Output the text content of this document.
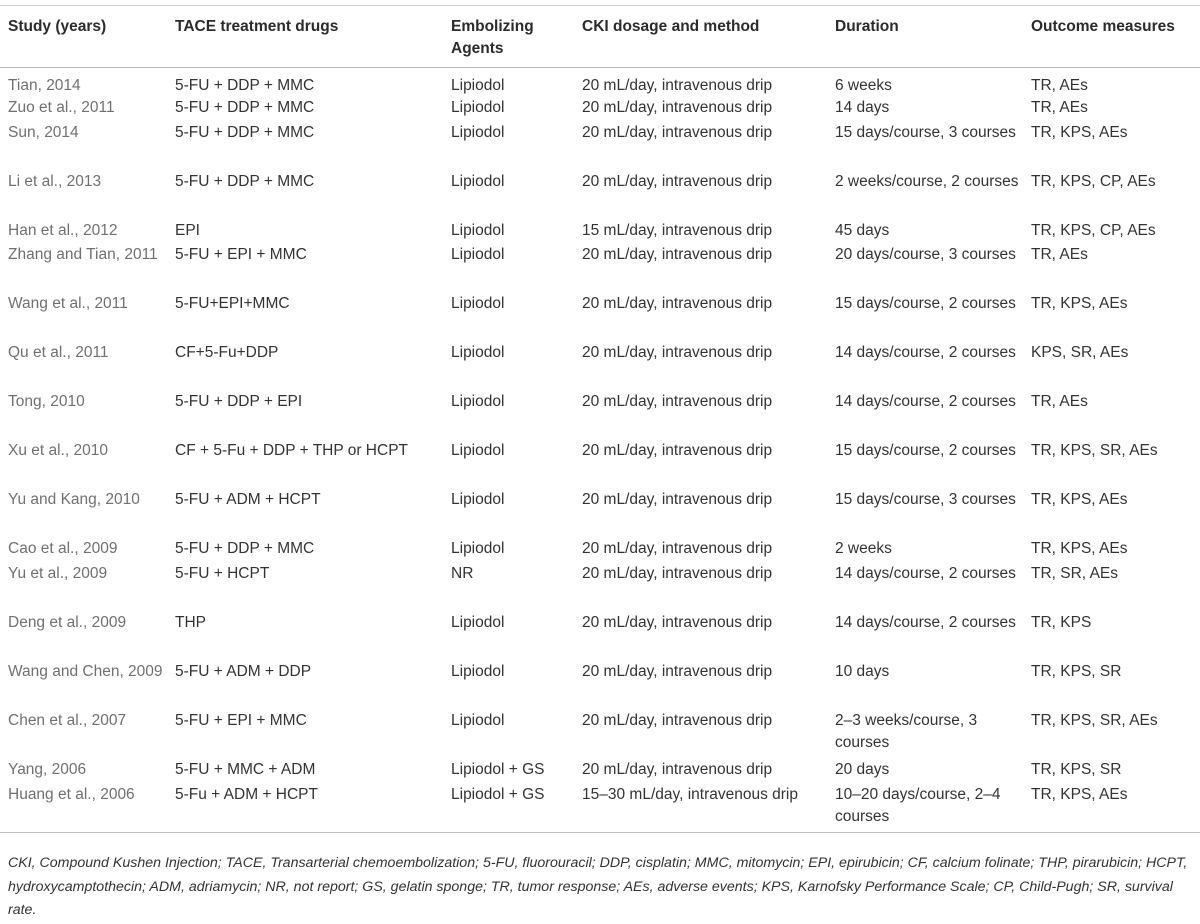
Study (years)	TACE treatment drugs	Embolizing Agents	CKI dosage and method	Duration	Outcome measures
Tian, 2014	5-FU + DDP + MMC	Lipiodol	20 mL/day, intravenous drip	6 weeks	TR, AEs
Zuo et al., 2011	5-FU + DDP + MMC	Lipiodol	20 mL/day, intravenous drip	14 days	TR, AEs
Sun, 2014	5-FU + DDP + MMC	Lipiodol	20 mL/day, intravenous drip	15 days/course, 3 courses	TR, KPS, AEs
Li et al., 2013	5-FU + DDP + MMC	Lipiodol	20 mL/day, intravenous drip	2 weeks/course, 2 courses	TR, KPS, CP, AEs
Han et al., 2012	EPI	Lipiodol	15 mL/day, intravenous drip	45 days	TR, KPS, CP, AEs
Zhang and Tian, 2011	5-FU + EPI + MMC	Lipiodol	20 mL/day, intravenous drip	20 days/course, 3 courses	TR, AEs
Wang et al., 2011	5-FU+EPI+MMC	Lipiodol	20 mL/day, intravenous drip	15 days/course, 2 courses	TR, KPS, AEs
Qu et al., 2011	CF+5-Fu+DDP	Lipiodol	20 mL/day, intravenous drip	14 days/course, 2 courses	KPS, SR, AEs
Tong, 2010	5-FU + DDP + EPI	Lipiodol	20 mL/day, intravenous drip	14 days/course, 2 courses	TR, AEs
Xu et al., 2010	CF + 5-Fu + DDP + THP or HCPT	Lipiodol	20 mL/day, intravenous drip	15 days/course, 2 courses	TR, KPS, SR, AEs
Yu and Kang, 2010	5-FU + ADM + HCPT	Lipiodol	20 mL/day, intravenous drip	15 days/course, 3 courses	TR, KPS, AEs
Cao et al., 2009	5-FU + DDP + MMC	Lipiodol	20 mL/day, intravenous drip	2 weeks	TR, KPS, AEs
Yu et al., 2009	5-FU + HCPT	NR	20 mL/day, intravenous drip	14 days/course, 2 courses	TR, SR, AEs
Deng et al., 2009	THP	Lipiodol	20 mL/day, intravenous drip	14 days/course, 2 courses	TR, KPS
Wang and Chen, 2009	5-FU + ADM + DDP	Lipiodol	20 mL/day, intravenous drip	10 days	TR, KPS, SR
Chen et al., 2007	5-FU + EPI + MMC	Lipiodol	20 mL/day, intravenous drip	2–3 weeks/course, 3 courses	TR, KPS, SR, AEs
Yang, 2006	5-FU + MMC + ADM	Lipiodol + GS	20 mL/day, intravenous drip	20 days	TR, KPS, SR
Huang et al., 2006	5-Fu + ADM + HCPT	Lipiodol + GS	15–30 mL/day, intravenous drip	10–20 days/course, 2–4 courses	TR, KPS, AEs
CKI, Compound Kushen Injection; TACE, Transarterial chemoembolization; 5-FU, fluorouracil; DDP, cisplatin; MMC, mitomycin; EPI, epirubicin; CF, calcium folinate; THP, pirarubicin; HCPT, hydroxycamptothecin; ADM, adriamycin; NR, not report; GS, gelatin sponge; TR, tumor response; AEs, adverse events; KPS, Karnofsky Performance Scale; CP, Child-Pugh; SR, survival rate.
